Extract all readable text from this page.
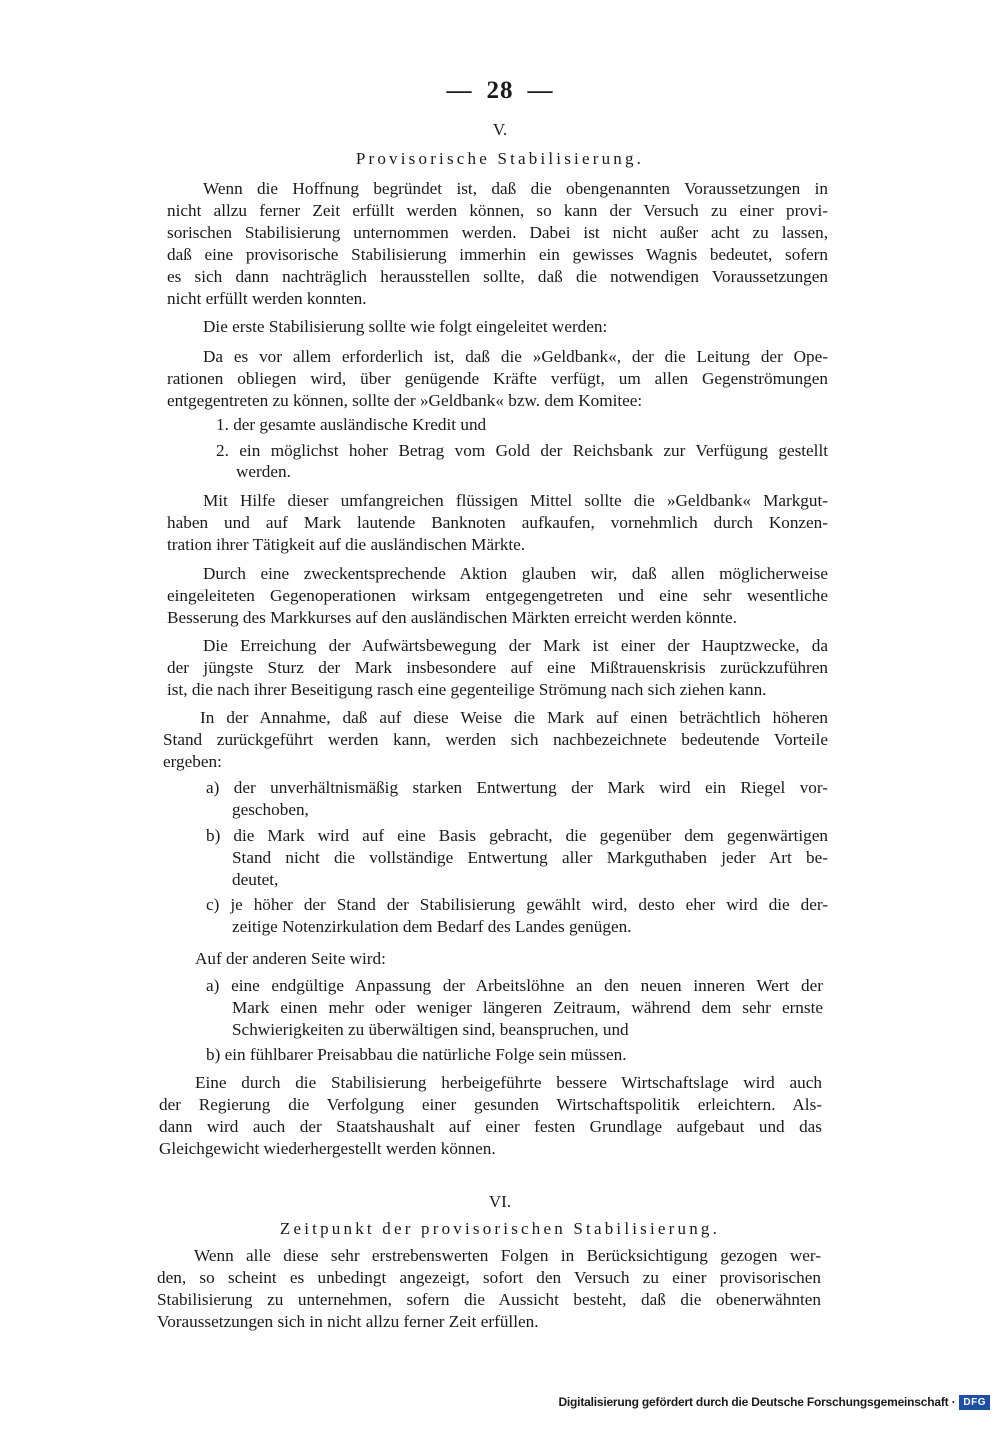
— 28 —
V.
Provisorische Stabilisierung.
Wenn die Hoffnung begründet ist, daß die obengenannten Voraussetzungen in
nicht allzu ferner Zeit erfüllt werden können, so kann der Versuch zu einer provi-
sorischen Stabilisierung unternommen werden. Dabei ist nicht außer acht zu lassen,
daß eine provisorische Stabilisierung immerhin ein gewisses Wagnis bedeutet, sofern
es sich dann nachträglich herausstellen sollte, daß die notwendigen Voraussetzungen
nicht erfüllt werden konnten.
Die erste Stabilisierung sollte wie folgt eingeleitet werden:
Da es vor allem erforderlich ist, daß die »Geldbank«, der die Leitung der Ope-
rationen obliegen wird, über genügende Kräfte verfügt, um allen Gegenströmungen
entgegentreten zu können, sollte der »Geldbank« bzw. dem Komitee:
1. der gesamte ausländische Kredit und
2. ein möglichst hoher Betrag vom Gold der Reichsbank zur Verfügung gestellt
werden.
Mit Hilfe dieser umfangreichen flüssigen Mittel sollte die »Geldbank« Markgut-
haben und auf Mark lautende Banknoten aufkaufen, vornehmlich durch Konzen-
tration ihrer Tätigkeit auf die ausländischen Märkte.
Durch eine zweckentsprechende Aktion glauben wir, daß allen möglicherweise
eingeleiteten Gegenoperationen wirksam entgegengetreten und eine sehr wesentliche
Besserung des Markkurses auf den ausländischen Märkten erreicht werden könnte.
Die Erreichung der Aufwärtsbewegung der Mark ist einer der Hauptzwecke, da
der jüngste Sturz der Mark insbesondere auf eine Mißtrauenskrisis zurückzuführen
ist, die nach ihrer Beseitigung rasch eine gegenteilige Strömung nach sich ziehen kann.
In der Annahme, daß auf diese Weise die Mark auf einen beträchtlich höheren
Stand zurückgeführt werden kann, werden sich nachbezeichnete bedeutende Vorteile
ergeben:
a) der unverhältnismäßig starken Entwertung der Mark wird ein Riegel vor-
geschoben,
b) die Mark wird auf eine Basis gebracht, die gegenüber dem gegenwärtigen
Stand nicht die vollständige Entwertung aller Markguthaben jeder Art be-
deutet,
c) je höher der Stand der Stabilisierung gewählt wird, desto eher wird die der-
zeitige Notenzirkulation dem Bedarf des Landes genügen.
Auf der anderen Seite wird:
a) eine endgültige Anpassung der Arbeitslöhne an den neuen inneren Wert der
Mark einen mehr oder weniger längeren Zeitraum, während dem sehr ernste
Schwierigkeiten zu überwältigen sind, beanspruchen, und
b) ein fühlbarer Preisabbau die natürliche Folge sein müssen.
Eine durch die Stabilisierung herbeigeführte bessere Wirtschaftslage wird auch
der Regierung die Verfolgung einer gesunden Wirtschaftspolitik erleichtern. Als-
dann wird auch der Staatshaushalt auf einer festen Grundlage aufgebaut und das
Gleichgewicht wiederhergestellt werden können.
VI.
Zeitpunkt der provisorischen Stabilisierung.
Wenn alle diese sehr erstrebenswerten Folgen in Berücksichtigung gezogen wer-
den, so scheint es unbedingt angezeigt, sofort den Versuch zu einer provisorischen
Stabilisierung zu unternehmen, sofern die Aussicht besteht, daß die obenerwähnten
Voraussetzungen sich in nicht allzu ferner Zeit erfüllen.
Digitalisierung gefördert durch die Deutsche Forschungsgemeinschaft · DFG
